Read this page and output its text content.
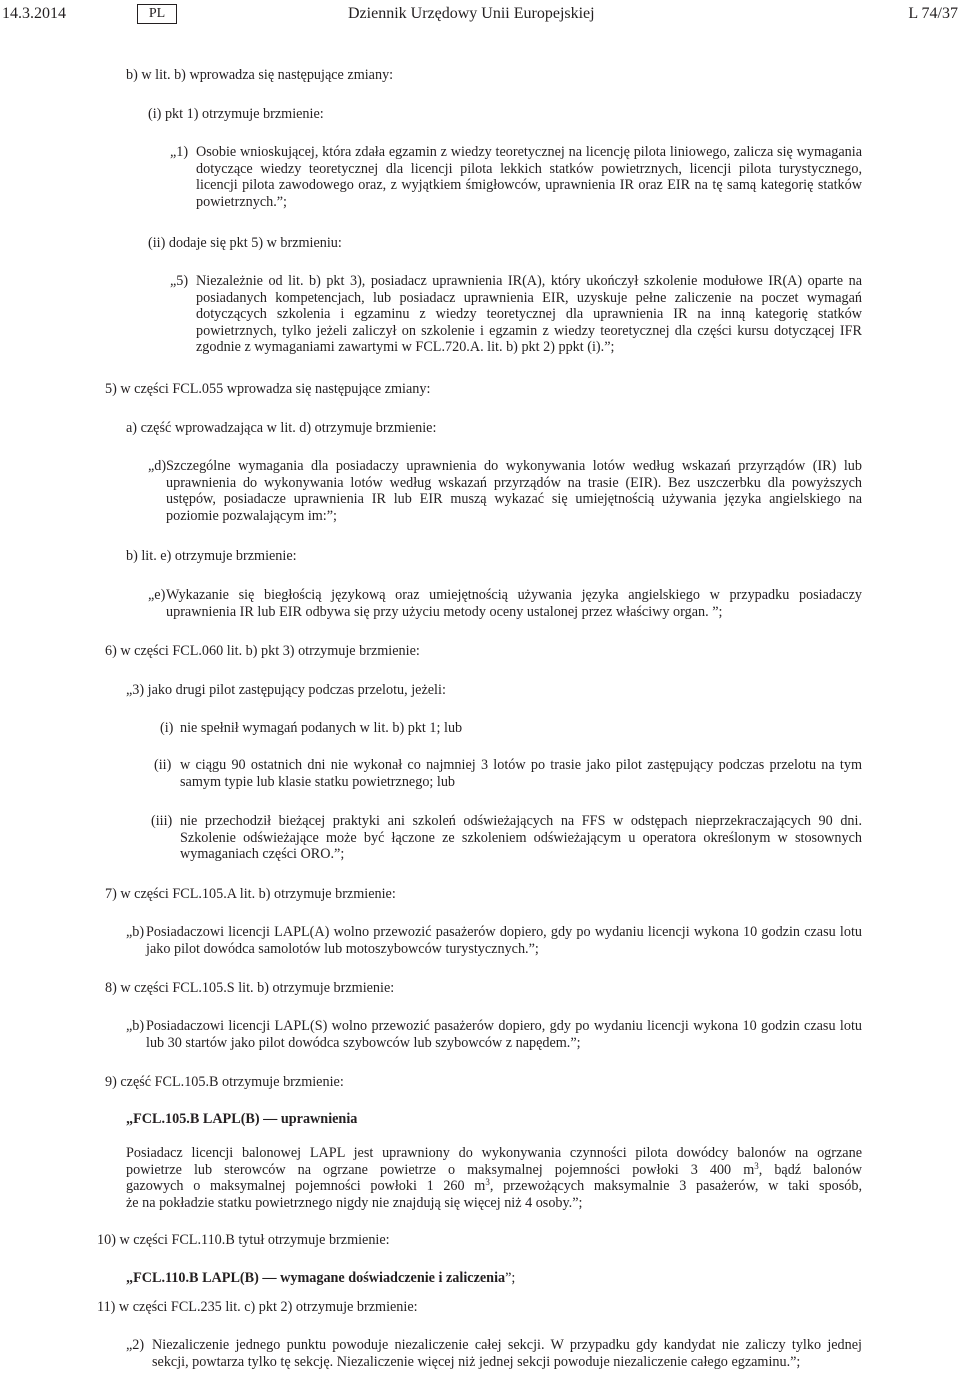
14.3.2014	PL	Dziennik Urzędowy Unii Europejskiej	L 74/37

b) w lit. b) wprowadza się następujące zmiany:

(i) pkt 1) otrzymuje brzmienie:

„1) Osobie wnioskującej, która zdała egzamin z wiedzy teoretycznej na licencję pilota liniowego, zalicza się wymagania dotyczące wiedzy teoretycznej dla licencji pilota lekkich statków powietrznych, licencji pilota turystycznego, licencji pilota zawodowego oraz, z wyjątkiem śmigłowców, uprawnienia IR oraz EIR na tę samą kategorię statków powietrznych.”;

(ii) dodaje się pkt 5) w brzmieniu:

„5) Niezależnie od lit. b) pkt 3), posiadacz uprawnienia IR(A), który ukończył szkolenie modułowe IR(A) oparte na posiadanych kompetencjach, lub posiadacz uprawnienia EIR, uzyskuje pełne zaliczenie na poczet wymagań dotyczących szkolenia i egzaminu z wiedzy teoretycznej dla uprawnienia IR na inną kategorię statków powietrznych, tylko jeżeli zaliczył on szkolenie i egzamin z wiedzy teoretycznej dla części kursu dotyczącej IFR zgodnie z wymaganiami zawartymi w FCL.720.A. lit. b) pkt 2) ppkt (i).”;

5) w części FCL.055 wprowadza się następujące zmiany:

a) część wprowadzająca w lit. d) otrzymuje brzmienie:

„d) Szczególne wymagania dla posiadaczy uprawnienia do wykonywania lotów według wskazań przyrządów (IR) lub uprawnienia do wykonywania lotów według wskazań przyrządów na trasie (EIR). Bez uszczerbku dla powyższych ustępów, posiadacze uprawnienia IR lub EIR muszą wykazać się umiejętnością używania języka angielskiego na poziomie pozwalającym im:”;

b) lit. e) otrzymuje brzmienie:

„e) Wykazanie się biegłością językową oraz umiejętnością używania języka angielskiego w przypadku posiadaczy uprawnienia IR lub EIR odbywa się przy użyciu metody oceny ustalonej przez właściwy organ. ”;

6) w części FCL.060 lit. b) pkt 3) otrzymuje brzmienie:

„3) jako drugi pilot zastępujący podczas przelotu, jeżeli:

(i) nie spełnił wymagań podanych w lit. b) pkt 1; lub

(ii) w ciągu 90 ostatnich dni nie wykonał co najmniej 3 lotów po trasie jako pilot zastępujący podczas przelotu na tym samym typie lub klasie statku powietrznego; lub

(iii) nie przechodził bieżącej praktyki ani szkoleń odświeżających na FFS w odstępach nieprzekraczających 90 dni. Szkolenie odświeżające może być łączone ze szkoleniem odświeżającym u operatora określonym w stosownych wymaganiach części ORO.”;

7) w części FCL.105.A lit. b) otrzymuje brzmienie:

„b) Posiadaczowi licencji LAPL(A) wolno przewozić pasażerów dopiero, gdy po wydaniu licencji wykona 10 godzin czasu lotu jako pilot dowódca samolotów lub motoszybowców turystycznych.”;

8) w części FCL.105.S lit. b) otrzymuje brzmienie:

„b) Posiadaczowi licencji LAPL(S) wolno przewozić pasażerów dopiero, gdy po wydaniu licencji wykona 10 godzin czasu lotu lub 30 startów jako pilot dowódca szybowców lub szybowców z napędem.”;

9) część FCL.105.B otrzymuje brzmienie:

„FCL.105.B LAPL(B) — uprawnienia

Posiadacz licencji balonowej LAPL jest uprawniony do wykonywania czynności pilota dowódcy balonów na ogrzane
powietrze lub sterowców na ogrzane powietrze o maksymalnej pojemności powłoki 3 400 $m^3$, bądź balonów
gazowych o maksymalnej pojemności powłoki 1 260 $m^3$, przewożących maksymalnie 3 pasażerów, w taki sposób,
że na pokładzie statku powietrznego nigdy nie znajdują się więcej niż 4 osoby.”;

10) w części FCL.110.B tytuł otrzymuje brzmienie:

„FCL.110.B LAPL(B) — wymagane doświadczenie i zaliczenia”;

11) w części FCL.235 lit. c) pkt 2) otrzymuje brzmienie:

„2) Niezaliczenie jednego punktu powoduje niezaliczenie całej sekcji. W przypadku gdy kandydat nie zaliczy tylko jednej sekcji, powtarza tylko tę sekcję. Niezaliczenie więcej niż jednej sekcji powoduje niezaliczenie całego egzaminu.”;
